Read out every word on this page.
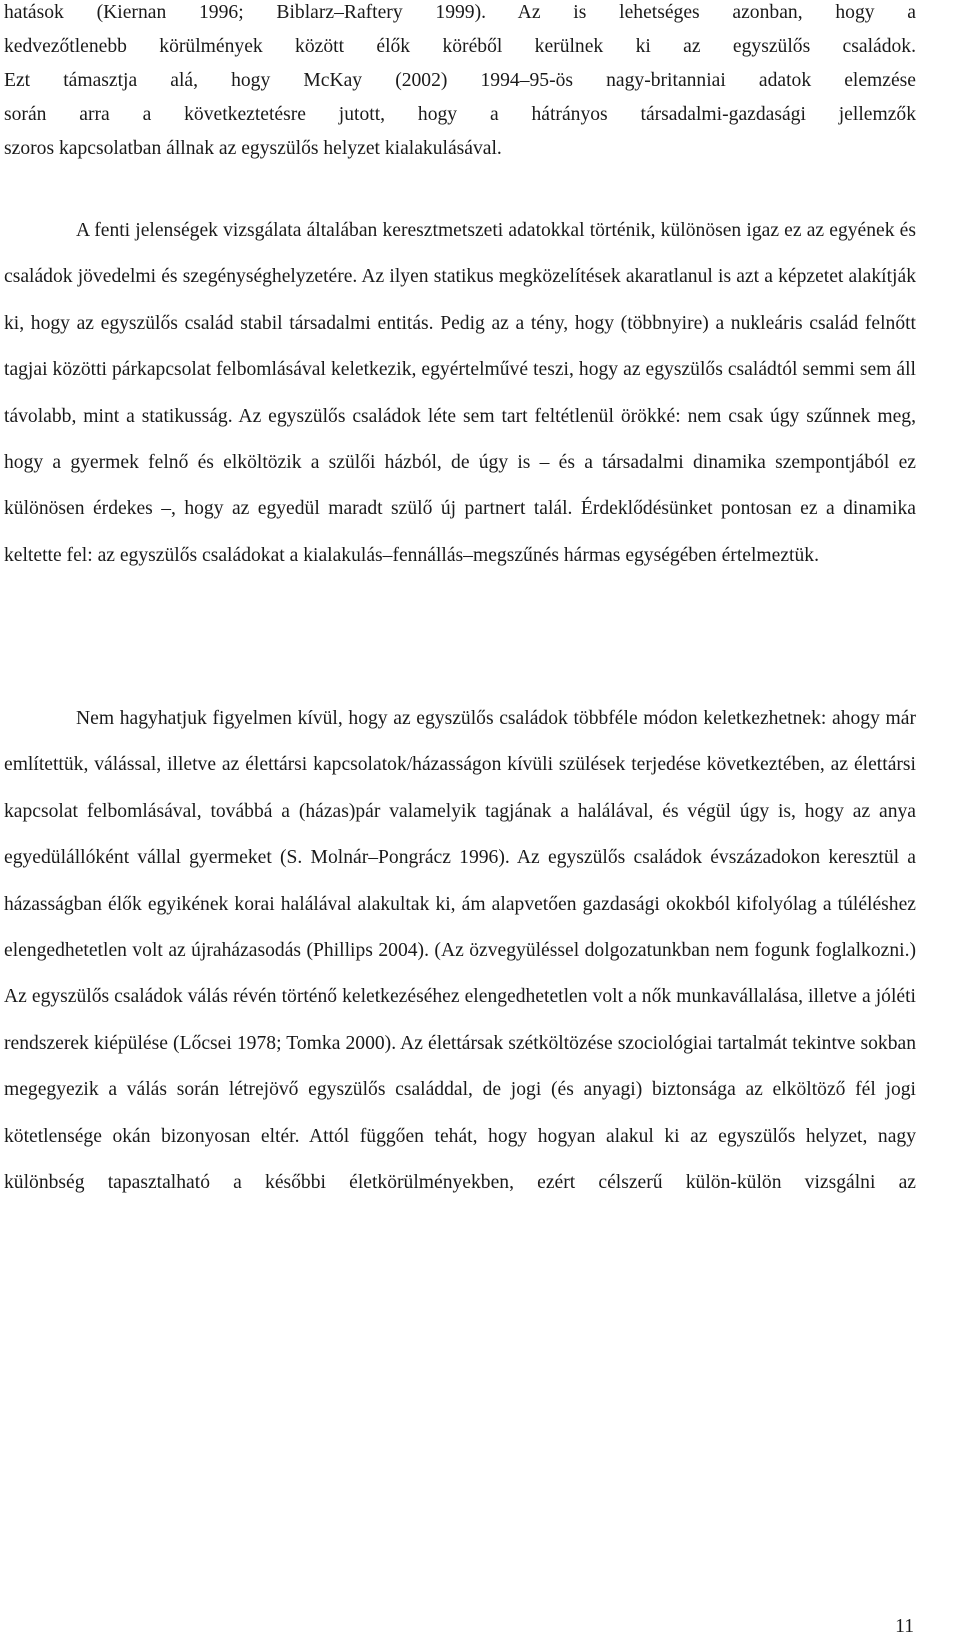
hatások (Kiernan 1996; Biblarz–Raftery 1999). Az is lehetséges azonban, hogy a

kedvezőtlenebb körülmények között élők köréből kerülnek ki az egyszülős családok.

Ezt támasztja alá, hogy McKay (2002) 1994–95-ös nagy-britanniai adatok elemzése

során arra a következtetésre jutott, hogy a hátrányos társadalmi-gazdasági jellemzők

szoros kapcsolatban állnak az egyszülős helyzet kialakulásával.

A fenti jelenségek vizsgálata általában keresztmetszeti adatokkal történik, különösen igaz ez az egyének és családok jövedelmi és szegénységhelyzetére. Az ilyen statikus megközelítések akaratlanul is azt a képzetet alakítják ki, hogy az egyszülős család stabil társadalmi entitás. Pedig az a tény, hogy (többnyire) a nukleáris család felnőtt tagjai közötti párkapcsolat felbomlásával keletkezik, egyértelművé teszi, hogy az egyszülős családtól semmi sem áll távolabb, mint a statikusság. Az egyszülős családok léte sem tart feltétlenül örökké: nem csak úgy szűnnek meg, hogy a gyermek felnő és elköltözik a szülői házból, de úgy is – és a társadalmi dinamika szempontjából ez különösen érdekes –, hogy az egyedül maradt szülő új partnert talál. Érdeklődésünket pontosan ez a dinamika keltette fel: az egyszülős családokat a kialakulás–fennállás–megszűnés hármas egységében értelmeztük.

Nem hagyhatjuk figyelmen kívül, hogy az egyszülős családok többféle módon keletkezhetnek: ahogy már említettük, válással, illetve az élettársi kapcsolatok/házasságon kívüli szülések terjedése következtében, az élettársi kapcsolat felbomlásával, továbbá a (házas)pár valamelyik tagjának a halálával, és végül úgy is, hogy az anya egyedülállóként vállal gyermeket (S. Molnár–Pongrácz 1996). Az egyszülős családok évszázadokon keresztül a házasságban élők egyikének korai halálával alakultak ki, ám alapvetően gazdasági okokból kifolyólag a túléléshez elengedhetetlen volt az újraházasodás (Phillips 2004). (Az özvegyüléssel dolgozatunkban nem fogunk foglalkozni.) Az egyszülős családok válás révén történő keletkezéséhez elengedhetetlen volt a nők munkavállalása, illetve a jóléti rendszerek kiépülése (Lőcsei 1978; Tomka 2000). Az élettársak szétköltözése szociológiai tartalmát tekintve sokban megegyezik a válás során létrejövő egyszülős családdal, de jogi (és anyagi) biztonsága az elköltöző fél jogi kötetlensége okán bizonyosan eltér. Attól függően tehát, hogy hogyan alakul ki az egyszülős helyzet, nagy különbség tapasztalható a későbbi életkörülményekben, ezért célszerű külön-külön vizsgálni az

11
